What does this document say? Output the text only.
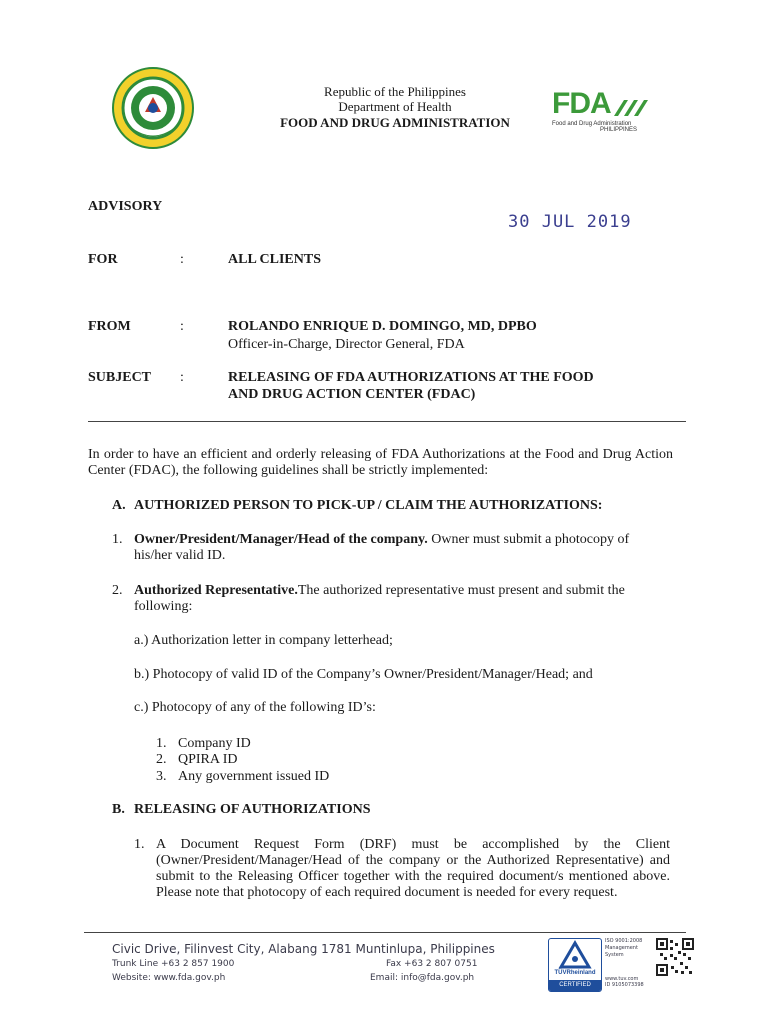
Republic of the Philippines
Department of Health
FOOD AND DRUG ADMINISTRATION
FDA
Food and Drug Administration
PHILIPPINES
ADVISORY
30 JUL 2019
FOR	:	ALL CLIENTS
FROM	:	ROLANDO ENRIQUE D. DOMINGO, MD, DPBO
Officer-in-Charge, Director General, FDA
SUBJECT :	RELEASING OF FDA AUTHORIZATIONS AT THE FOOD
AND DRUG ACTION CENTER (FDAC)

In order to have an efficient and orderly releasing of FDA Authorizations at the Food and Drug Action Center (FDAC), the following guidelines shall be strictly implemented:

A. AUTHORIZED PERSON TO PICK-UP / CLAIM THE AUTHORIZATIONS:
1. Owner/President/Manager/Head of the company. Owner must submit a photocopy of his/her valid ID.

2. Authorized Representative.The authorized representative must present and submit the following:

a.) Authorization letter in company letterhead;
b.) Photocopy of valid ID of the Company’s Owner/President/Manager/Head; and
c.) Photocopy of any of the following ID’s:
1. Company ID
2. QPIRA ID
3. Any government issued ID
B. RELEASING OF AUTHORIZATIONS
1. A Document Request Form (DRF) must be accomplished by the Client (Owner/President/Manager/Head of the company or the Authorized Representative) and submit to the Releasing Officer together with the required document/s mentioned above. Please note that photocopy of each required document is needed for every request.

Civic Drive, Filinvest City, Alabang 1781 Muntinlupa, Philippines
Trunk Line +63 2 857 1900	Fax +63 2 807 0751
Website: www.fda.gov.ph	Email: info@fda.gov.ph	TÜVRheinland
CERTIFIED
ISO 9001:2008
Management
System
www.tuv.com
ID 9105073398
